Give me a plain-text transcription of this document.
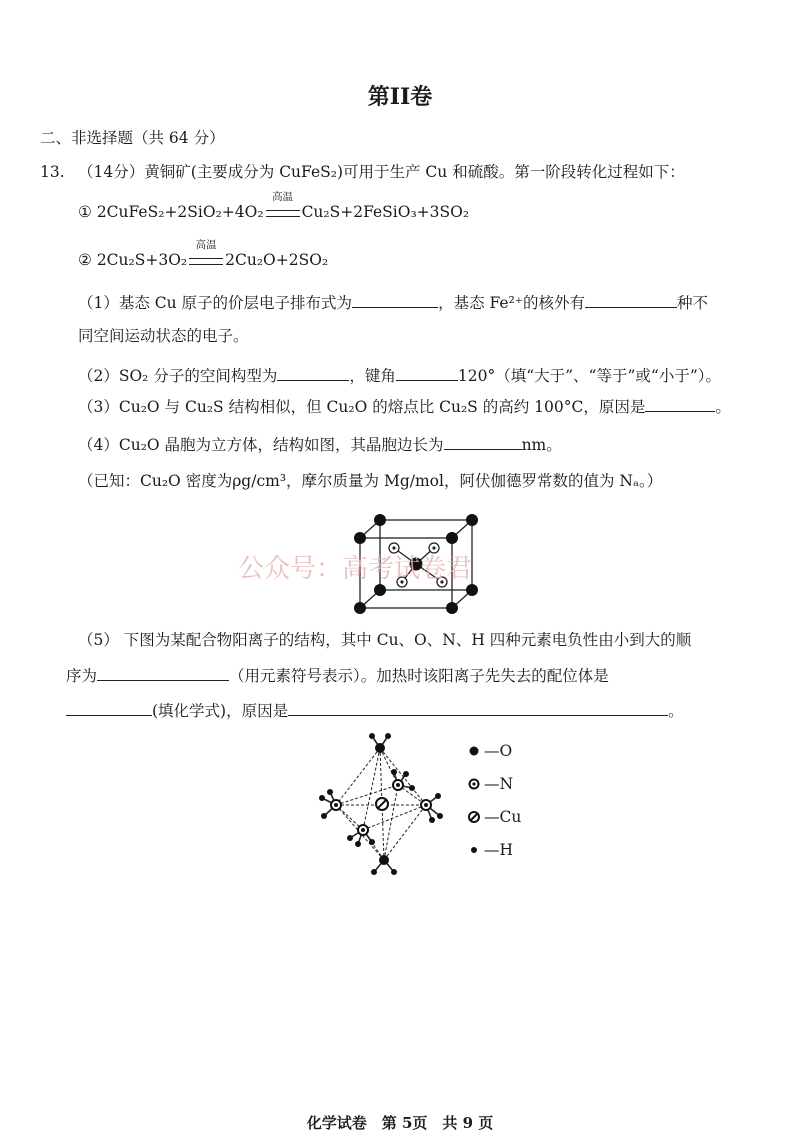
第II卷
二、非选择题（共 64 分）
13. （14分）黄铜矿(主要成分为 CuFeS₂)可用于生产 Cu 和硫酸。第一阶段转化过程如下：
① 2CuFeS₂+2SiO₂+4O₂
高温
Cu₂S+2FeSiO₃+3SO₂
② 2Cu₂S+3O₂
高温
2Cu₂O+2SO₂
（1）基态 Cu 原子的价层电子排布式为	，基态 Fe²⁺的核外有	种不
同空间运动状态的电子。
（2）SO₂ 分子的空间构型为	，键角	120°（填“大于”、“等于”或“小于”）。
（3）Cu₂O 与 Cu₂S 结构相似，但 Cu₂O 的熔点比 Cu₂S 的高约 100°C，原因是	。
（4）Cu₂O 晶胞为立方体，结构如图，其晶胞边长为	nm。
（已知：Cu₂O 密度为ρg/cm³，摩尔质量为 Mg/mol，阿伏伽德罗常数的值为 Nₐ。）
公众号：高考试卷君
（5） 下图为某配合物阳离子的结构，其中 Cu、O、N、H 四种元素电负性由小到大的顺
序为	（用元素符号表示）。加热时该阳离子先失去的配位体是
(填化学式)，原因是	。
—O
—N
—Cu
—H
化学试卷　第 5页　共 9 页
